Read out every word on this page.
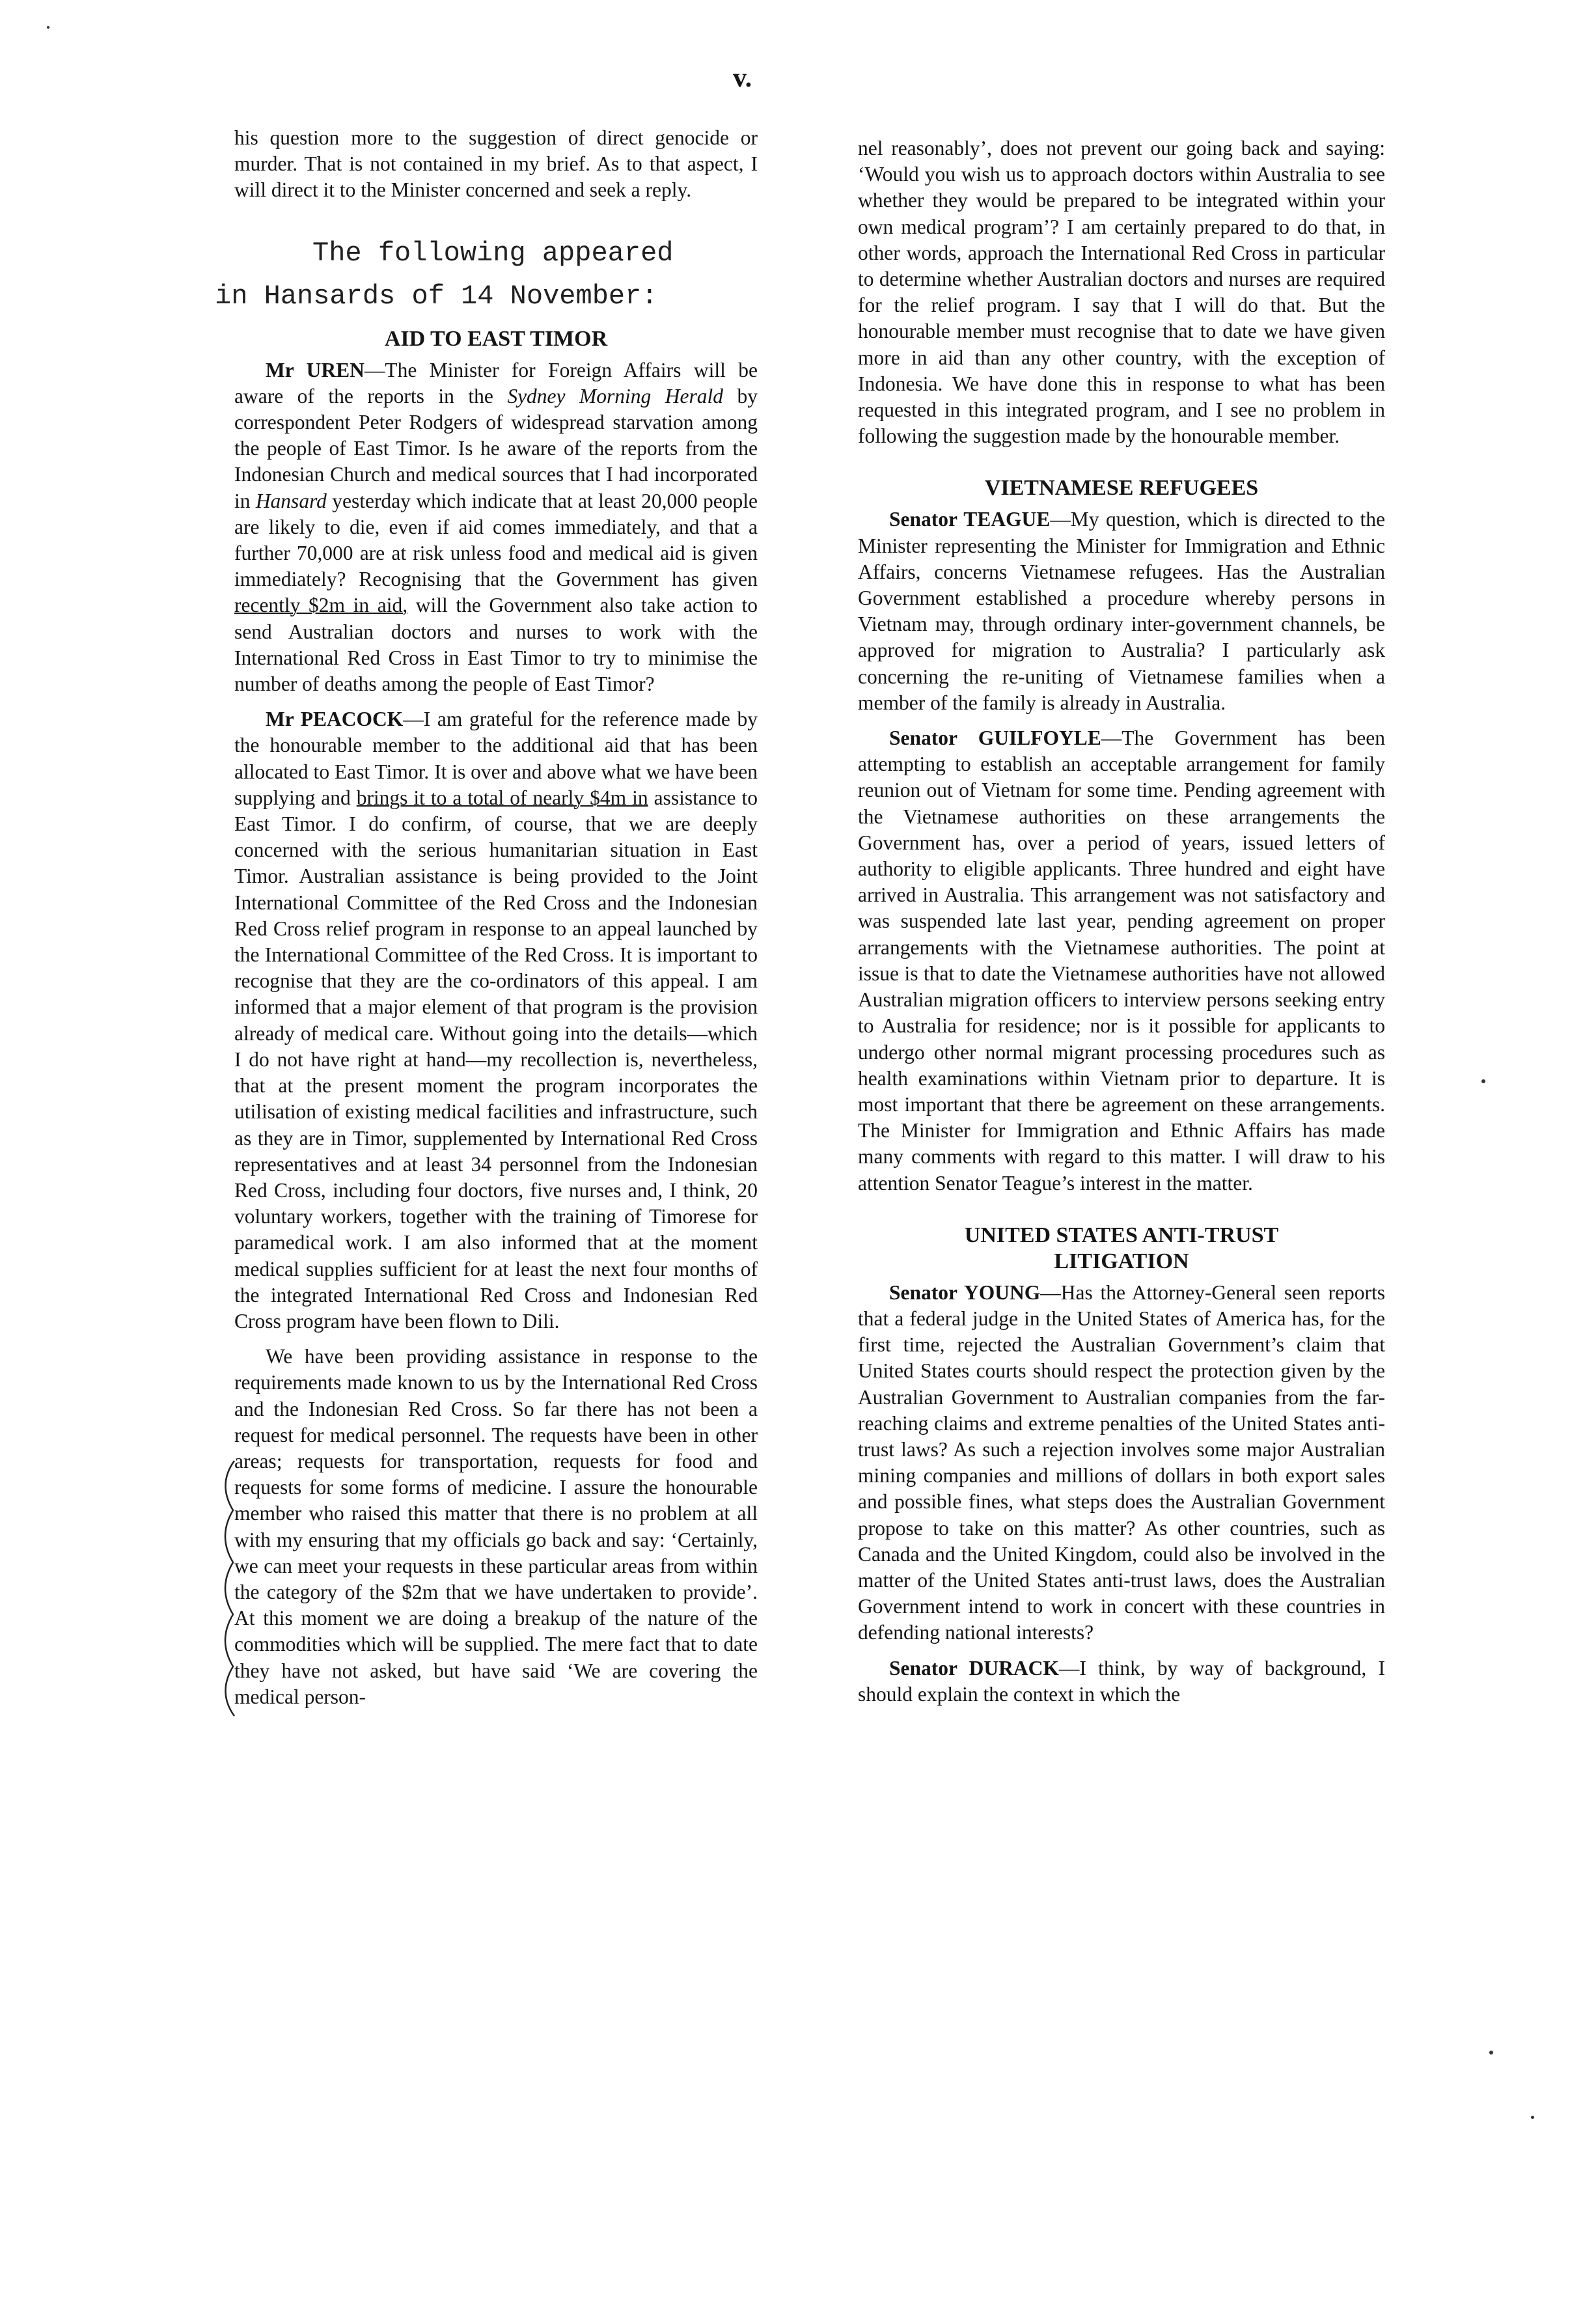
v.

his question more to the suggestion of direct genocide or murder. That is not contained in my brief. As to that aspect, I will direct it to the Minister concerned and seek a reply.

The following appeared
in Hansards of 14 November:
AID TO EAST TIMOR

Mr UREN—The Minister for Foreign Affairs will be aware of the reports in the Sydney Morning Herald by correspondent Peter Rodgers of widespread starvation among the people of East Timor. Is he aware of the reports from the Indonesian Church and medical sources that I had incorporated in Hansard yesterday which indicate that at least 20,000 people are likely to die, even if aid comes immediately, and that a further 70,000 are at risk unless food and medical aid is given immediately? Recognising that the Government has given recently $2m in aid, will the Government also take action to send Australian doctors and nurses to work with the International Red Cross in East Timor to try to minimise the number of deaths among the people of East Timor?

Mr PEACOCK—I am grateful for the reference made by the honourable member to the additional aid that has been allocated to East Timor. It is over and above what we have been supplying and brings it to a total of nearly $4m in assistance to East Timor. I do confirm, of course, that we are deeply concerned with the serious humanitarian situation in East Timor. Australian assistance is being provided to the Joint International Committee of the Red Cross and the Indonesian Red Cross relief program in response to an appeal launched by the International Committee of the Red Cross. It is important to recognise that they are the co-ordinators of this appeal. I am informed that a major element of that program is the provision already of medical care. Without going into the details—which I do not have right at hand—my recollection is, nevertheless, that at the present moment the program incorporates the utilisation of existing medical facilities and infrastructure, such as they are in Timor, supplemented by International Red Cross representatives and at least 34 personnel from the Indonesian Red Cross, including four doctors, five nurses and, I think, 20 voluntary workers, together with the training of Timorese for paramedical work. I am also informed that at the moment medical supplies sufficient for at least the next four months of the integrated International Red Cross and Indonesian Red Cross program have been flown to Dili.

We have been providing assistance in response to the requirements made known to us by the International Red Cross and the Indonesian Red Cross. So far there has not been a request for medical personnel. The requests have been in other areas; requests for transportation, requests for food and requests for some forms of medicine. I assure the honourable member who raised this matter that there is no problem at all with my ensuring that my officials go back and say: ‘Certainly, we can meet your requests in these particular areas from within the category of the $2m that we have undertaken to provide’. At this moment we are doing a breakup of the nature of the commodities which will be supplied. The mere fact that to date they have not asked, but have said ‘We are covering the medical person-

nel reasonably’, does not prevent our going back and saying: ‘Would you wish us to approach doctors within Australia to see whether they would be prepared to be integrated within your own medical program’? I am certainly prepared to do that, in other words, approach the International Red Cross in particular to determine whether Australian doctors and nurses are required for the relief program. I say that I will do that. But the honourable member must recognise that to date we have given more in aid than any other country, with the exception of Indonesia. We have done this in response to what has been requested in this integrated program, and I see no problem in following the suggestion made by the honourable member.

VIETNAMESE REFUGEES

Senator TEAGUE—My question, which is directed to the Minister representing the Minister for Immigration and Ethnic Affairs, concerns Vietnamese refugees. Has the Australian Government established a procedure whereby persons in Vietnam may, through ordinary inter-government channels, be approved for migration to Australia? I particularly ask concerning the re-uniting of Vietnamese families when a member of the family is already in Australia.

Senator GUILFOYLE—The Government has been attempting to establish an acceptable arrangement for family reunion out of Vietnam for some time. Pending agreement with the Vietnamese authorities on these arrangements the Government has, over a period of years, issued letters of authority to eligible applicants. Three hundred and eight have arrived in Australia. This arrangement was not satisfactory and was suspended late last year, pending agreement on proper arrangements with the Vietnamese authorities. The point at issue is that to date the Vietnamese authorities have not allowed Australian migration officers to interview persons seeking entry to Australia for residence; nor is it possible for applicants to undergo other normal migrant processing procedures such as health examinations within Vietnam prior to departure. It is most important that there be agreement on these arrangements. The Minister for Immigration and Ethnic Affairs has made many comments with regard to this matter. I will draw to his attention Senator Teague’s interest in the matter.

UNITED STATES ANTI-TRUST LITIGATION

Senator YOUNG—Has the Attorney-General seen reports that a federal judge in the United States of America has, for the first time, rejected the Australian Government’s claim that United States courts should respect the protection given by the Australian Government to Australian companies from the far-reaching claims and extreme penalties of the United States anti-trust laws? As such a rejection involves some major Australian mining companies and millions of dollars in both export sales and possible fines, what steps does the Australian Government propose to take on this matter? As other countries, such as Canada and the United Kingdom, could also be involved in the matter of the United States anti-trust laws, does the Australian Government intend to work in concert with these countries in defending national interests?

Senator DURACK—I think, by way of background, I should explain the context in which the
